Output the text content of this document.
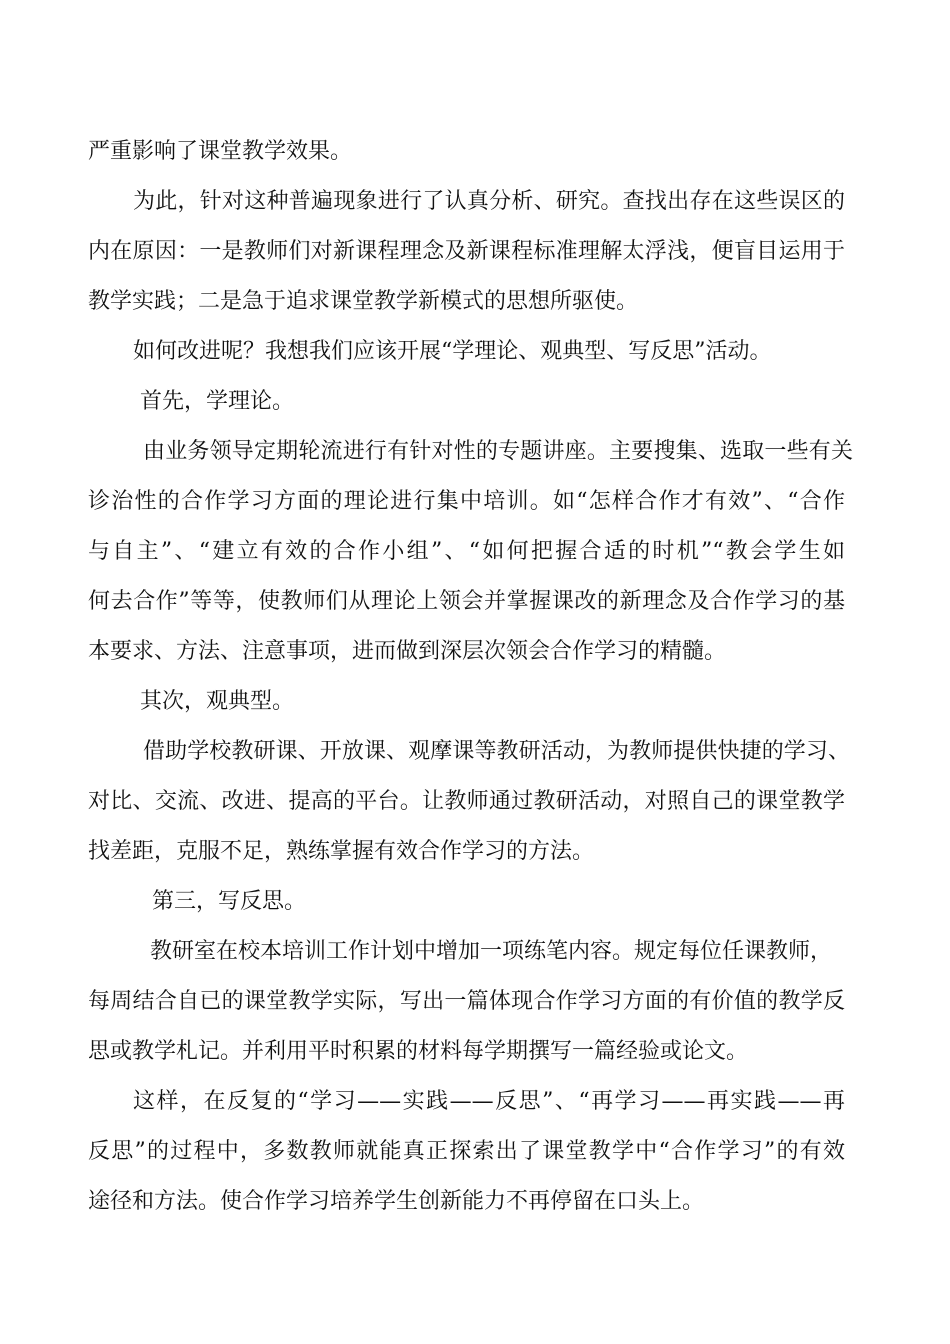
严重影响了课堂教学效果。

为此，针对这种普遍现象进行了认真分析、研究。查找出存在这些误区的

内在原因：一是教师们对新课程理念及新课程标准理解太浮浅，便盲目运用于

教学实践；二是急于追求课堂教学新模式的思想所驱使。

如何改进呢？我想我们应该开展“学理论、观典型、写反思”活动。

首先，学理论。

由业务领导定期轮流进行有针对性的专题讲座。主要搜集、选取一些有关

诊治性的合作学习方面的理论进行集中培训。如“怎样合作才有效”、“合作

与自主”、“建立有效的合作小组”、“如何把握合适的时机”“教会学生如

何去合作”等等，使教师们从理论上领会并掌握课改的新理念及合作学习的基

本要求、方法、注意事项，进而做到深层次领会合作学习的精髓。

其次，观典型。

借助学校教研课、开放课、观摩课等教研活动，为教师提供快捷的学习、

对比、交流、改进、提高的平台。让教师通过教研活动，对照自己的课堂教学

找差距，克服不足，熟练掌握有效合作学习的方法。

第三，写反思。

教研室在校本培训工作计划中增加一项练笔内容。规定每位任课教师，

每周结合自已的课堂教学实际，写出一篇体现合作学习方面的有价值的教学反

思或教学札记。并利用平时积累的材料每学期撰写一篇经验或论文。

这样，在反复的“学习——实践——反思”、“再学习——再实践——再

反思”的过程中，多数教师就能真正探索出了课堂教学中“合作学习”的有效

途径和方法。使合作学习培养学生创新能力不再停留在口头上。
